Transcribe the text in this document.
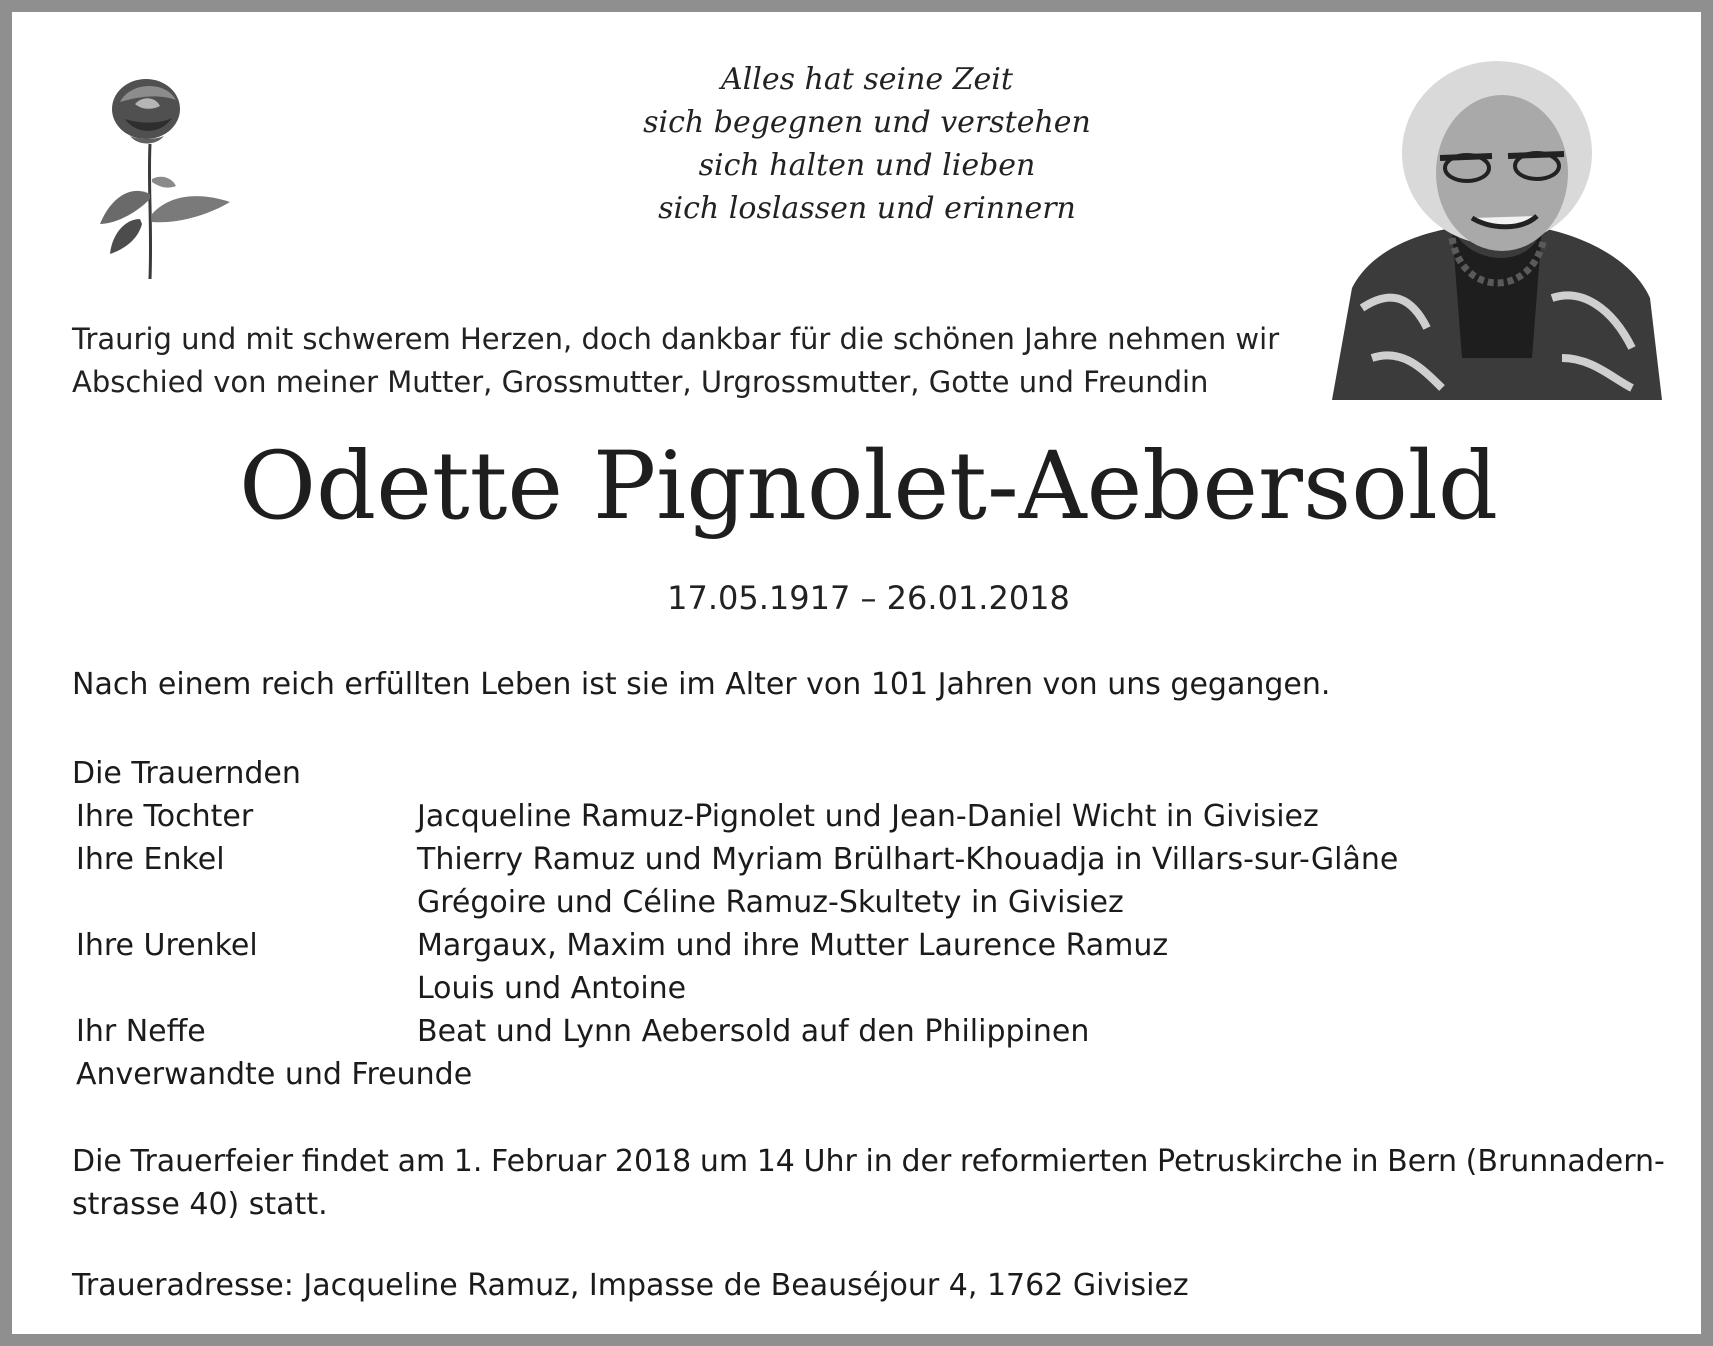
Alles hat seine Zeit
sich begegnen und verstehen
sich halten und lieben
sich loslassen und erinnern
Traurig und mit schwerem Herzen, doch dankbar für die schönen Jahre nehmen wir
Abschied von meiner Mutter, Grossmutter, Urgrossmutter, Gotte und Freundin
Odette Pignolet-Aebersold
17.05.1917 – 26.01.2018
Nach einem reich erfüllten Leben ist sie im Alter von 101 Jahren von uns gegangen.
Die Trauernden
Ihre Tochter	Jacqueline Ramuz-Pignolet und Jean-Daniel Wicht in Givisiez
Ihre Enkel	Thierry Ramuz und Myriam Brülhart-Khouadja in Villars-sur-Glâne
Grégoire und Céline Ramuz-Skultety in Givisiez
Ihre Urenkel	Margaux, Maxim und ihre Mutter Laurence Ramuz
Louis und Antoine
Ihr Neffe	Beat und Lynn Aebersold auf den Philippinen
Anverwandte und Freunde
Die Trauerfeier findet am 1. Februar 2018 um 14 Uhr in der reformierten Petruskirche in Bern (Brunnadern-
strasse 40) statt.
Traueradresse: Jacqueline Ramuz, Impasse de Beauséjour 4, 1762 Givisiez
